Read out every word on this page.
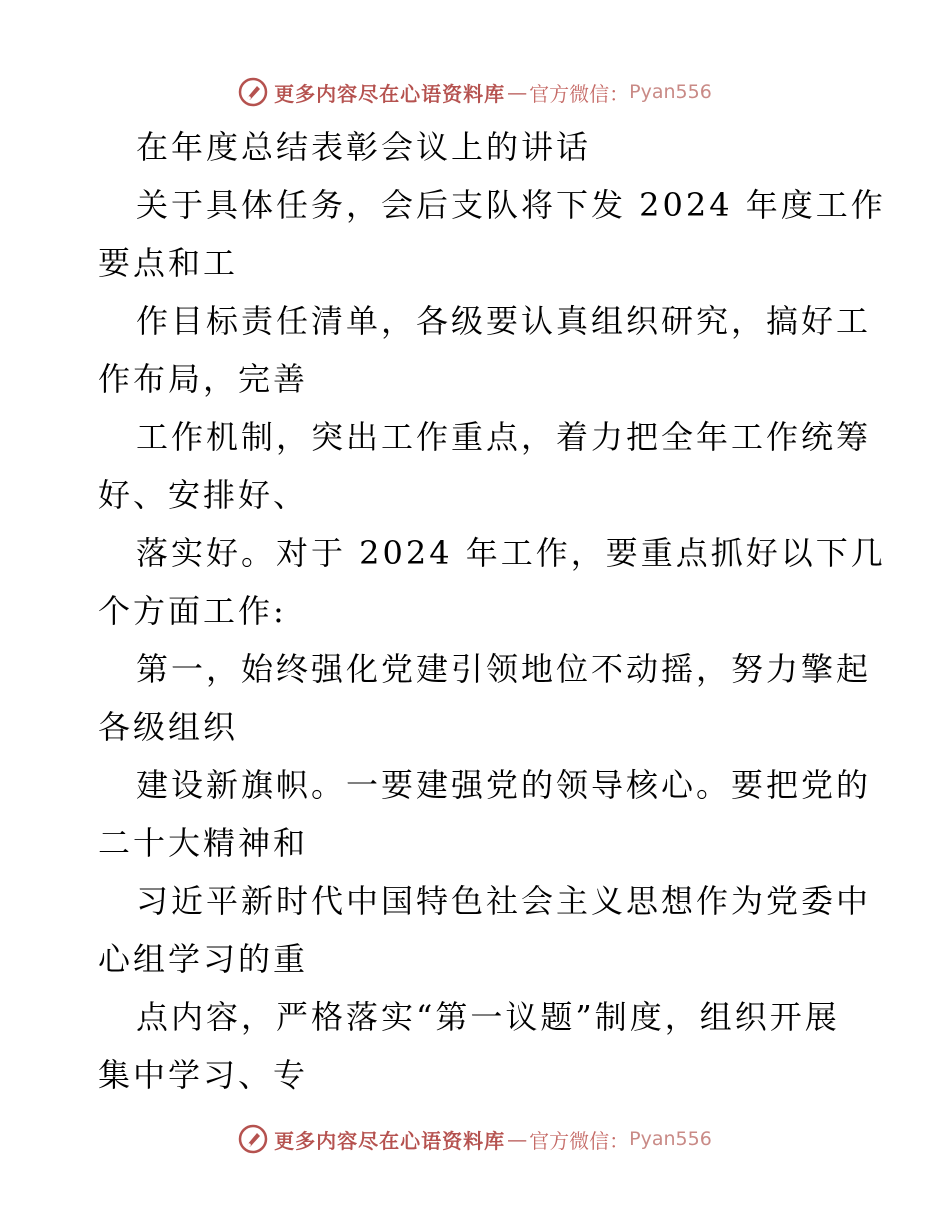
更多内容尽在心语资料库 — 官方微信： Pyan556
在年度总结表彰会议上的讲话
关于具体任务，会后支队将下发 2024 年度工作
要点和工
作目标责任清单，各级要认真组织研究，搞好工
作布局，完善
工作机制，突出工作重点，着力把全年工作统筹
好、安排好、
落实好。对于 2024 年工作，要重点抓好以下几
个方面工作:
第一，始终强化党建引领地位不动摇，努力擎起
各级组织
建设新旗帜。一要建强党的领导核心。要把党的
二十大精神和
习近平新时代中国特色社会主义思想作为党委中
心组学习的重
点内容，严格落实“第一议题”制度，组织开展
集中学习、专
更多内容尽在心语资料库 — 官方微信： Pyan556
